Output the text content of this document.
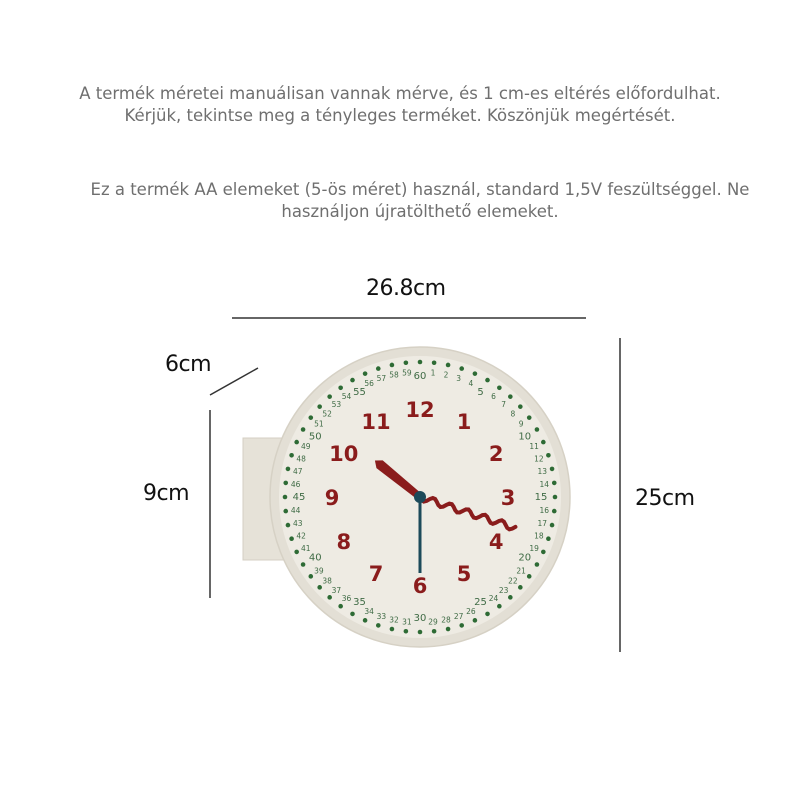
A termék méretei manuálisan vannak mérve, és 1 cm-es eltérés előfordulhat.
Kérjük, tekintse meg a tényleges terméket. Köszönjük megértését.
Ez a termék AA elemeket (5-ös méret) használ, standard 1,5V feszültséggel. Ne
használjon újratölthető elemeket.
60 1 2 3
4
5 6
7
8
9
10
11
12
13
14
15
16
17
18
19
20
21
22
23
24
25
26
27
28
29
30
31
32
33
34
35
36
37
38
39
40
41
42
43
44
45
46
47
48
49
50
51
52
53
54 55
56
57 58 59
12 1
2
3
4
5
6
7
8
9
10
11
26.8cm
6cm
9cm	25cm
